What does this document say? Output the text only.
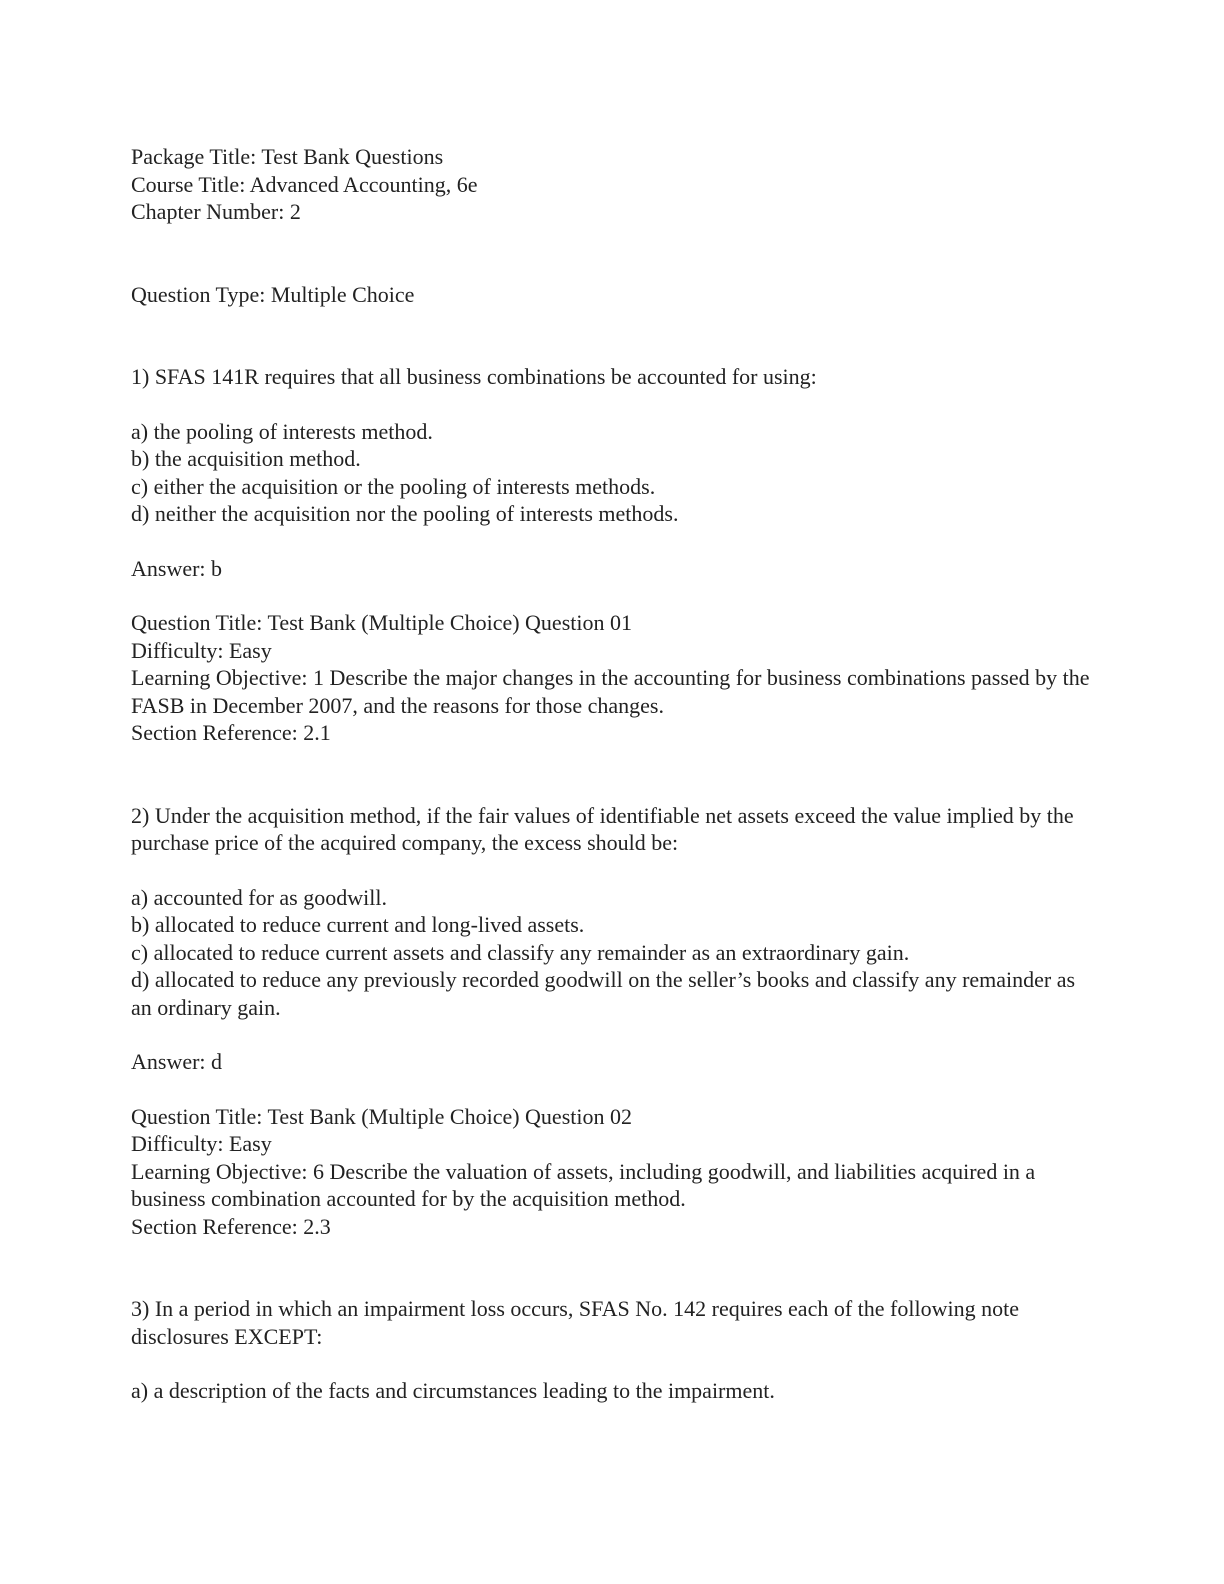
Package Title: Test Bank Questions
Course Title: Advanced Accounting, 6e
Chapter Number: 2
Question Type: Multiple Choice
1) SFAS 141R requires that all business combinations be accounted for using:
a) the pooling of interests method.
b) the acquisition method.
c) either the acquisition or the pooling of interests methods.
d) neither the acquisition nor the pooling of interests methods.
Answer: b
Question Title: Test Bank (Multiple Choice) Question 01
Difficulty: Easy
Learning Objective: 1 Describe the major changes in the accounting for business combinations passed by the FASB in December 2007, and the reasons for those changes.
Section Reference: 2.1
2) Under the acquisition method, if the fair values of identifiable net assets exceed the value implied by the purchase price of the acquired company, the excess should be:
a) accounted for as goodwill.
b) allocated to reduce current and long-lived assets.
c) allocated to reduce current assets and classify any remainder as an extraordinary gain.
d) allocated to reduce any previously recorded goodwill on the seller’s books and classify any remainder as an ordinary gain.
Answer: d
Question Title: Test Bank (Multiple Choice) Question 02
Difficulty: Easy
Learning Objective: 6 Describe the valuation of assets, including goodwill, and liabilities acquired in a business combination accounted for by the acquisition method.
Section Reference: 2.3
3) In a period in which an impairment loss occurs, SFAS No. 142 requires each of the following note disclosures EXCEPT:
a) a description of the facts and circumstances leading to the impairment.
